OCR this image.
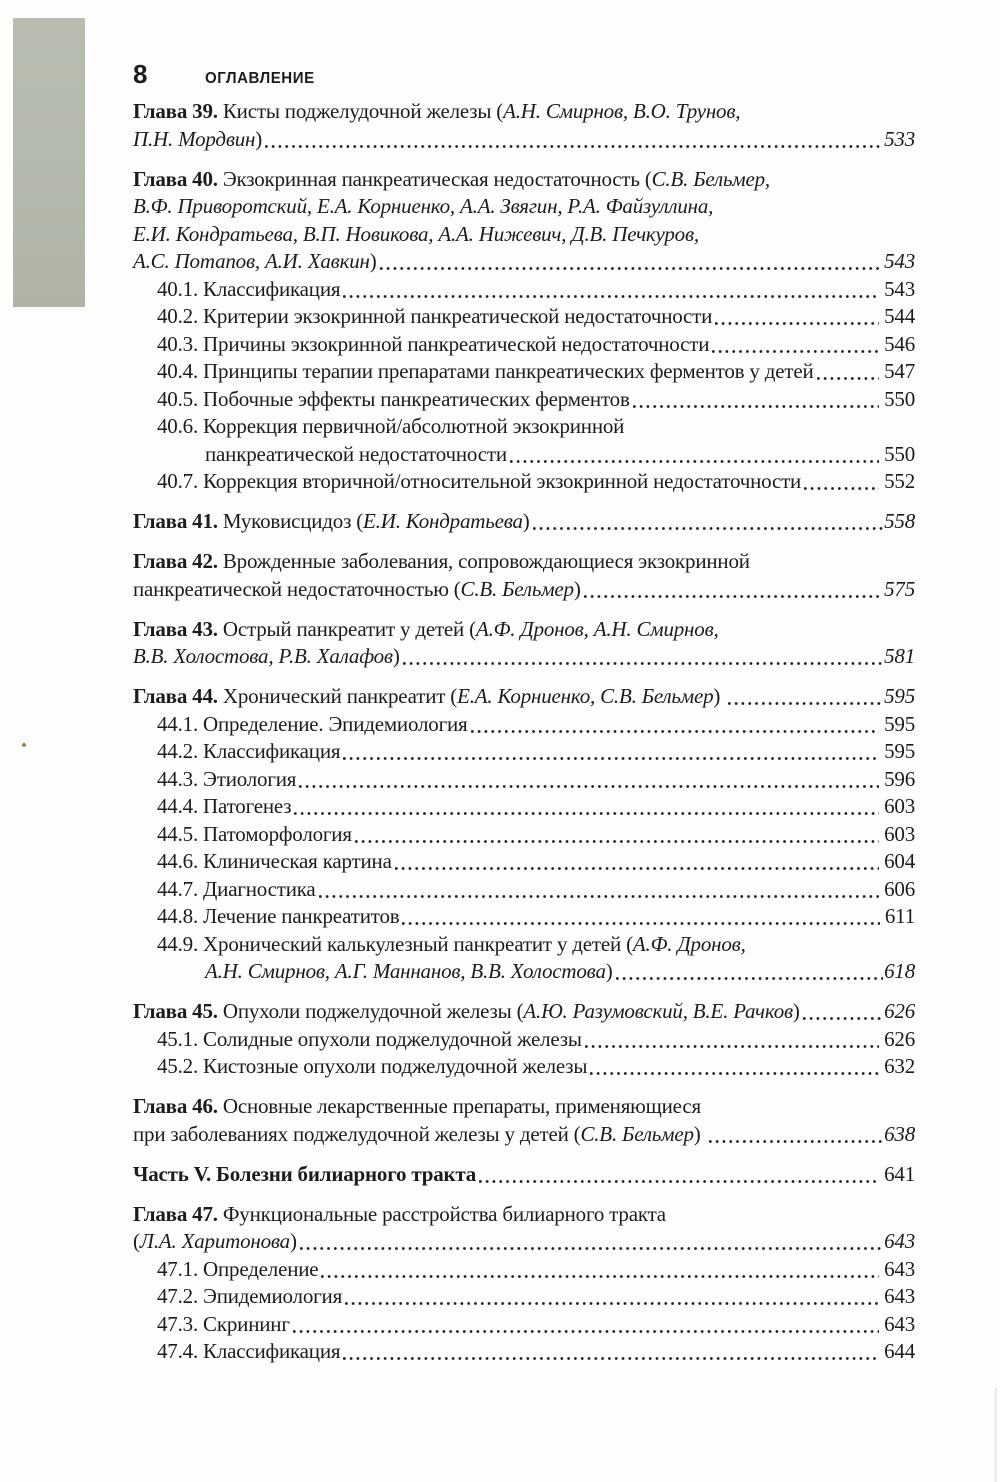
8	ОГЛАВЛЕНИЕ
Глава 39. Кисты поджелудочной железы ( А.Н. Смирнов, В.О. Трунов,
П.Н. Мордвин )	533
Глава 40. Экзокринная панкреатическая недостаточность ( С.В. Бельмер,
В.Ф. Приворотский, Е.А. Корниенко, А.А. Звягин, Р.А. Файзуллина,
Е.И. Кондратьева, В.П. Новикова, А.А. Нижевич, Д.В. Печкуров,
А.С. Потапов, А.И. Хавкин )	543
40.1. Классификация	543
40.2. Критерии экзокринной панкреатической недостаточности	544
40.3. Причины экзокринной панкреатической недостаточности	546
40.4. Принципы терапии препаратами панкреатических ферментов у детей	547
40.5. Побочные эффекты панкреатических ферментов	550
40.6. Коррекция первичной/абсолютной экзокринной
панкреатической недостаточности	550
40.7. Коррекция вторичной/относительной экзокринной недостаточности	552
Глава 41. Муковисцидоз ( Е.И. Кондратьева )	558
Глава 42. Врожденные заболевания, сопровождающиеся экзокринной
панкреатической недостаточностью ( С.В. Бельмер )	575
Глава 43. Острый панкреатит у детей ( А.Ф. Дронов, А.Н. Смирнов,
В.В. Холостова, Р.В. Халафов )	581
Глава 44. Хронический панкреатит ( Е.А. Корниенко, С.В. Бельмер )	595
44.1. Определение. Эпидемиология	595
44.2. Классификация	595
44.3. Этиология	596
44.4. Патогенез	603
44.5. Патоморфология	603
44.6. Клиническая картина	604
44.7. Диагностика	606
44.8. Лечение панкреатитов	611
44.9. Хронический калькулезный панкреатит у детей ( А.Ф. Дронов,
А.Н. Смирнов, А.Г. Маннанов, В.В. Холостова )	618
Глава 45. Опухоли поджелудочной железы ( А.Ю. Разумовский, В.Е. Рачков )	626
45.1. Солидные опухоли поджелудочной железы	626
45.2. Кистозные опухоли поджелудочной железы	632
Глава 46. Основные лекарственные препараты, применяющиеся
при заболеваниях поджелудочной железы у детей ( С.В. Бельмер )	638
Часть V. Болезни билиарного тракта	641
Глава 47. Функциональные расстройства билиарного тракта
( Л.А. Харитонова )	643
47.1. Определение	643
47.2. Эпидемиология	643
47.3. Скрининг	643
47.4. Классификация	644
